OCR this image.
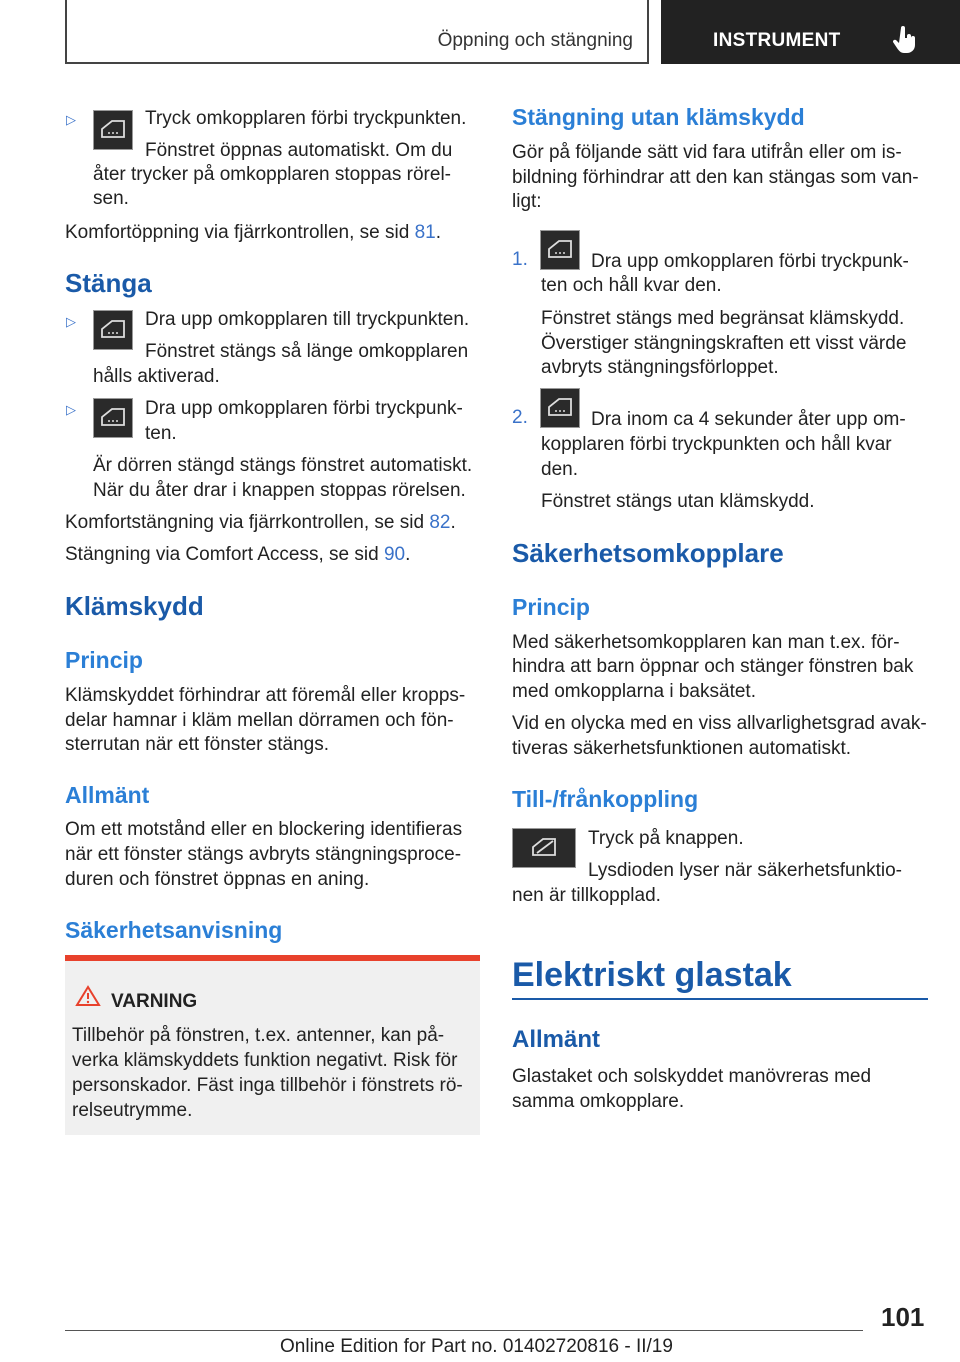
Öppning och stängning	INSTRUMENT
▷	Tryck omkopplaren förbi tryckpunkten.
Fönstret öppnas automatiskt. Om du
åter trycker på omkopplaren stoppas rörel-
sen.
Komfortöppning via fjärrkontrollen, se sid 81.
Stänga
▷	Dra upp omkopplaren till tryckpunkten.
Fönstret stängs så länge omkopplaren
hålls aktiverad.
▷	Dra upp omkopplaren förbi tryckpunk-
ten.
Är dörren stängd stängs fönstret automatiskt.
När du åter drar i knappen stoppas rörelsen.
Komfortstängning via fjärrkontrollen, se sid 82.
Stängning via Comfort Access, se sid 90.
Klämskydd
Princip
Klämskyddet förhindrar att föremål eller kropps-
delar hamnar i kläm mellan dörramen och fön-
sterrutan när ett fönster stängs.
Allmänt
Om ett motstånd eller en blockering identifieras
när ett fönster stängs avbryts stängningsproce-
duren och fönstret öppnas en aning.
Säkerhetsanvisning
VARNING
Tillbehör på fönstren, t.ex. antenner, kan på-
verka klämskyddets funktion negativt. Risk för
personskador. Fäst inga tillbehör i fönstrets rö-
relseutrymme.
Stängning utan klämskydd
Gör på följande sätt vid fara utifrån eller om is-
bildning förhindrar att den kan stängas som van-
ligt:
1.	Dra upp omkopplaren förbi tryckpunk-
ten och håll kvar den.
Fönstret stängs med begränsat klämskydd.
Överstiger stängningskraften ett visst värde
avbryts stängningsförloppet.
2.	Dra inom ca 4 sekunder åter upp om-
kopplaren förbi tryckpunkten och håll kvar
den.
Fönstret stängs utan klämskydd.
Säkerhetsomkopplare
Princip
Med säkerhetsomkopplaren kan man t.ex. för-
hindra att barn öppnar och stänger fönstren bak
med omkopplarna i baksätet.
Vid en olycka med en viss allvarlighetsgrad avak-
tiveras säkerhetsfunktionen automatiskt.
Till-/frånkoppling
Tryck på knappen.
Lysdioden lyser när säkerhetsfunktio-
nen är tillkopplad.
Elektriskt glastak
Allmänt
Glastaket och solskyddet manövreras med
samma omkopplare.
101
Online Edition for Part no. 01402720816 - II/19
